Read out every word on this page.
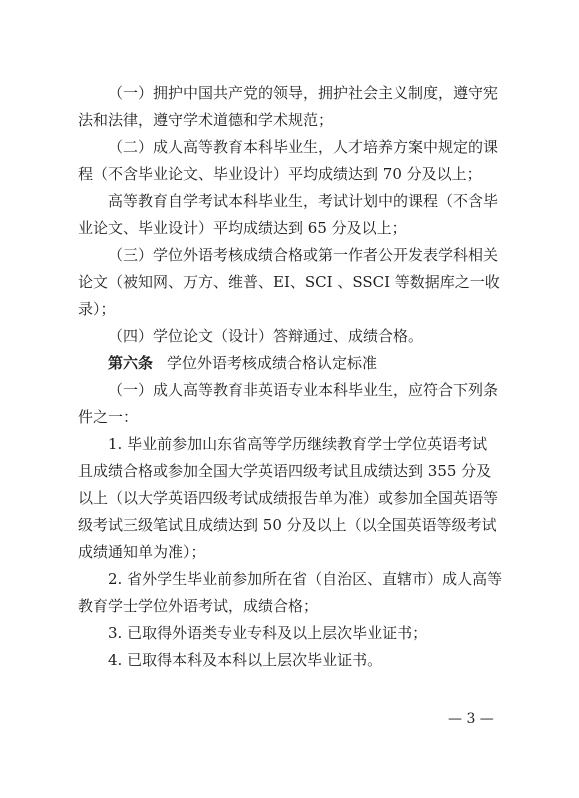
（一）拥护中国共产党的领导，拥护社会主义制度，遵守宪
法和法律，遵守学术道德和学术规范；
（二）成人高等教育本科毕业生，人才培养方案中规定的课
程（不含毕业论文、毕业设计）平均成绩达到 70 分及以上；
高等教育自学考试本科毕业生，考试计划中的课程（不含毕
业论文、毕业设计）平均成绩达到 65 分及以上；
（三）学位外语考核成绩合格或第一作者公开发表学科相关
论文（被知网、万方、维普、EI、SCI 、SSCI 等数据库之一收
录）；
（四）学位论文（设计）答辩通过、成绩合格。
第六条 学位外语考核成绩合格认定标准
（一）成人高等教育非英语专业本科毕业生，应符合下列条
件之一：
1. 毕业前参加山东省高等学历继续教育学士学位英语考试
且成绩合格或参加全国大学英语四级考试且成绩达到 355 分及
以上（以大学英语四级考试成绩报告单为准）或参加全国英语等
级考试三级笔试且成绩达到 50 分及以上（以全国英语等级考试
成绩通知单为准）；
2. 省外学生毕业前参加所在省（自治区、直辖市）成人高等
教育学士学位外语考试，成绩合格；
3. 已取得外语类专业专科及以上层次毕业证书；
4. 已取得本科及本科以上层次毕业证书。
— 3 —
